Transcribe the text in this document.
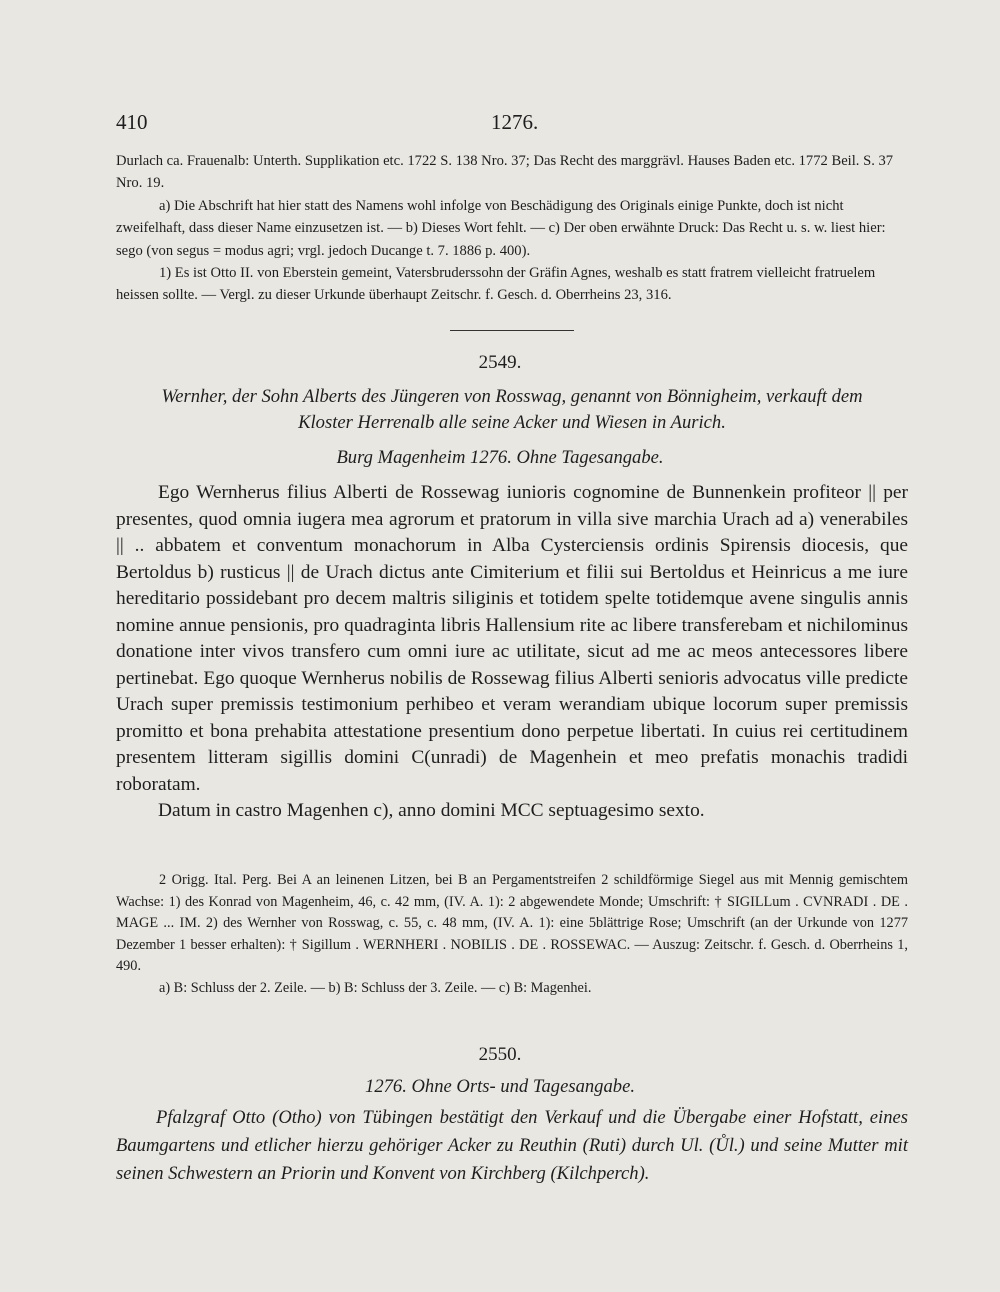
410	1276.

Durlach ca. Frauenalb: Unterth. Supplikation etc. 1722 S. 138 Nro. 37; Das Recht des marggrävl. Hauses Baden etc. 1772 Beil. S. 37 Nro. 19.

a) Die Abschrift hat hier statt des Namens wohl infolge von Beschädigung des Originals einige Punkte, doch ist nicht zweifelhaft, dass dieser Name einzusetzen ist. — b) Dieses Wort fehlt. — c) Der oben erwähnte Druck: Das Recht u. s. w. liest hier: sego (von segus = modus agri; vrgl. jedoch Ducange t. 7. 1886 p. 400).

1) Es ist Otto II. von Eberstein gemeint, Vatersbruderssohn der Gräfin Agnes, weshalb es statt fratrem vielleicht fratruelem heissen sollte. — Vergl. zu dieser Urkunde überhaupt Zeitschr. f. Gesch. d. Oberrheins 23, 316.

2549.

Wernher, der Sohn Alberts des Jüngeren von Rosswag, genannt von Bönnigheim, verkauft dem

Kloster Herrenalb alle seine Acker und Wiesen in Aurich.

Burg Magenheim 1276. Ohne Tagesangabe.

Ego Wernherus filius Alberti de Rossewag iunioris cognomine de Bunnenkein profiteor || per presentes, quod omnia iugera mea agrorum et pratorum in villa sive marchia Urach ad a) venerabiles || .. abbatem et conventum monachorum in Alba Cysterciensis ordinis Spirensis diocesis, que Bertoldus b) rusticus || de Urach dictus ante Cimiterium et filii sui Bertoldus et Heinricus a me iure hereditario possidebant pro decem maltris siliginis et totidem spelte totidemque avene singulis annis nomine annue pensionis, pro quadraginta libris Hallensium rite ac libere transferebam et nichilominus donatione inter vivos transfero cum omni iure ac utilitate, sicut ad me ac meos antecessores libere pertinebat. Ego quoque Wernherus nobilis de Rossewag filius Alberti senioris advocatus ville predicte Urach super premissis testimonium perhibeo et veram werandiam ubique locorum super premissis promitto et bona prehabita attestatione presentium dono perpetue libertati. In cuius rei certitudinem presentem litteram sigillis domini C(unradi) de Magenhein et meo prefatis monachis tradidi roboratam.

Datum in castro Magenhen c), anno domini MCC septuagesimo sexto.

2 Origg. Ital. Perg. Bei A an leinenen Litzen, bei B an Pergamentstreifen 2 schildförmige Siegel aus mit Mennig gemischtem Wachse: 1) des Konrad von Magenheim, 46, c. 42 mm, (IV. A. 1): 2 abgewendete Monde; Umschrift: † SIGILLum . CVNRADI . DE . MAGE ... IM. 2) des Wernher von Rosswag, c. 55, c. 48 mm, (IV. A. 1): eine 5blättrige Rose; Umschrift (an der Urkunde von 1277 Dezember 1 besser erhalten): † Sigillum . WERNHERI . NOBILIS . DE . ROSSEWAC. — Auszug: Zeitschr. f. Gesch. d. Oberrheins 1, 490.

a) B: Schluss der 2. Zeile. — b) B: Schluss der 3. Zeile. — c) B: Magenhei.

2550.
1276. Ohne Orts- und Tagesangabe.

Pfalzgraf Otto (Otho) von Tübingen bestätigt den Verkauf und die Übergabe einer Hofstatt, eines Baumgartens und etlicher hierzu gehöriger Acker zu Reuthin (Ruti) durch Ul. (Ůl.) und seine Mutter mit seinen Schwestern an Priorin und Konvent von Kirchberg (Kilchperch).
